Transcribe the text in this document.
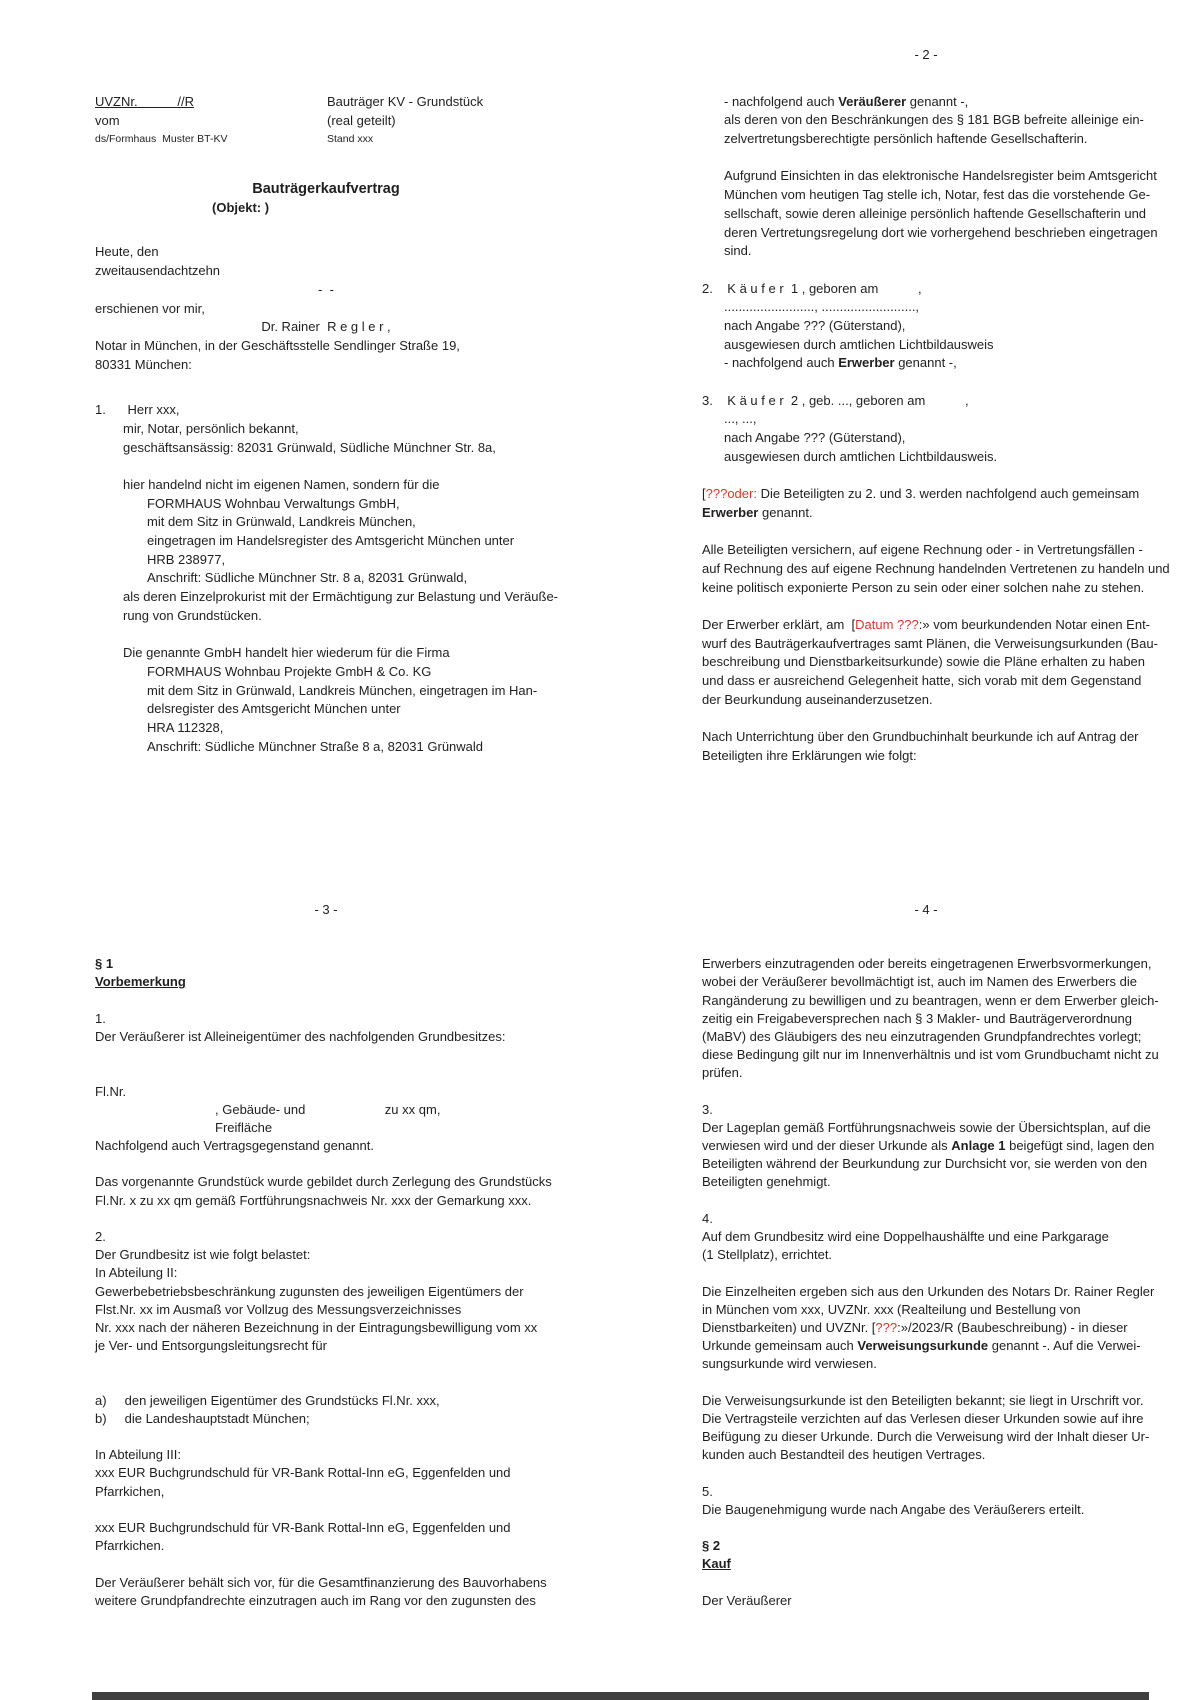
UVZNr.           //R	Bauträger KV - Grundstück
vom	(real geteilt)
ds/Formhaus  Muster BT-KV	Stand xxx
Bauträgerkaufvertrag
(Objekt: )
Heute, den
zweitausendachtzehn
-  -
erschienen vor mir,
Dr. Rainer  R e g l e r ,
Notar in München, in der Geschäftsstelle Sendlinger Straße 19,
80331 München:
1.      Herr xxx,
mir, Notar, persönlich bekannt,
geschäftsansässig: 82031 Grünwald, Südliche Münchner Str. 8a,
hier handelnd nicht im eigenen Namen, sondern für die
FORMHAUS Wohnbau Verwaltungs GmbH,
mit dem Sitz in Grünwald, Landkreis München,
eingetragen im Handelsregister des Amtsgericht München unter
HRB 238977,
Anschrift: Südliche Münchner Str. 8 a, 82031 Grünwald,
als deren Einzelprokurist mit der Ermächtigung zur Belastung und Veräuße-
rung von Grundstücken.
Die genannte GmbH handelt hier wiederum für die Firma
FORMHAUS Wohnbau Projekte GmbH & Co. KG
mit dem Sitz in Grünwald, Landkreis München, eingetragen im Han-
delsregister des Amtsgericht München unter
HRA 112328,
Anschrift: Südliche Münchner Straße 8 a, 82031 Grünwald
- 2 -
- nachfolgend auch Veräußerer genannt -,
als deren von den Beschränkungen des § 181 BGB befreite alleinige ein-
zelvertretungsberechtigte persönlich haftende Gesellschafterin.
Aufgrund Einsichten in das elektronische Handelsregister beim Amtsgericht
München vom heutigen Tag stelle ich, Notar, fest das die vorstehende Ge-
sellschaft, sowie deren alleinige persönlich haftende Gesellschafterin und
deren Vertretungsregelung dort wie vorhergehend beschrieben eingetragen
sind.
2.    K ä u f e r  1 , geboren am           ,
........................., ..........................,
nach Angabe ??? (Güterstand),
ausgewiesen durch amtlichen Lichtbildausweis
- nachfolgend auch Erwerber genannt -,
3.    K ä u f e r  2 , geb. ..., geboren am           ,
..., ...,
nach Angabe ??? (Güterstand),
ausgewiesen durch amtlichen Lichtbildausweis.
[???oder: Die Beteiligten zu 2. und 3. werden nachfolgend auch gemeinsam
Erwerber genannt.
Alle Beteiligten versichern, auf eigene Rechnung oder - in Vertretungsfällen -
auf Rechnung des auf eigene Rechnung handelnden Vertretenen zu handeln und
keine politisch exponierte Person zu sein oder einer solchen nahe zu stehen.
Der Erwerber erklärt, am  [Datum ???:» vom beurkundenden Notar einen Ent-
wurf des Bauträgerkaufvertrages samt Plänen, die Verweisungsurkunden (Bau-
beschreibung und Dienstbarkeitsurkunde) sowie die Pläne erhalten zu haben
und dass er ausreichend Gelegenheit hatte, sich vorab mit dem Gegenstand
der Beurkundung auseinanderzusetzen.
Nach Unterrichtung über den Grundbuchinhalt beurkunde ich auf Antrag der
Beteiligten ihre Erklärungen wie folgt:
- 3 -
§ 1
Vorbemerkung
1.
Der Veräußerer ist Alleineigentümer des nachfolgenden Grundbesitzes:
Fl.Nr.
, Gebäude- und                      zu xx qm,
Freifläche
Nachfolgend auch Vertragsgegenstand genannt.
Das vorgenannte Grundstück wurde gebildet durch Zerlegung des Grundstücks
Fl.Nr. x zu xx qm gemäß Fortführungsnachweis Nr. xxx der Gemarkung xxx.
2.
Der Grundbesitz ist wie folgt belastet:
In Abteilung II:
Gewerbebetriebsbeschränkung zugunsten des jeweiligen Eigentümers der
Flst.Nr. xx im Ausmaß vor Vollzug des Messungsverzeichnisses
Nr. xxx nach der näheren Bezeichnung in der Eintragungsbewilligung vom xx
je Ver- und Entsorgungsleitungsrecht für
a)     den jeweiligen Eigentümer des Grundstücks Fl.Nr. xxx,
b)     die Landeshauptstadt München;
In Abteilung III:
xxx EUR Buchgrundschuld für VR-Bank Rottal-Inn eG, Eggenfelden und
Pfarrkichen,
xxx EUR Buchgrundschuld für VR-Bank Rottal-Inn eG, Eggenfelden und
Pfarrkichen.
Der Veräußerer behält sich vor, für die Gesamtfinanzierung des Bauvorhabens
weitere Grundpfandrechte einzutragen auch im Rang vor den zugunsten des
- 4 -
Erwerbers einzutragenden oder bereits eingetragenen Erwerbsvormerkungen,
wobei der Veräußerer bevollmächtigt ist, auch im Namen des Erwerbers die
Rangänderung zu bewilligen und zu beantragen, wenn er dem Erwerber gleich-
zeitig ein Freigabeversprechen nach § 3 Makler- und Bauträgerverordnung
(MaBV) des Gläubigers des neu einzutragenden Grundpfandrechtes vorlegt;
diese Bedingung gilt nur im Innenverhältnis und ist vom Grundbuchamt nicht zu
prüfen.
3.
Der Lageplan gemäß Fortführungsnachweis sowie der Übersichtsplan, auf die
verwiesen wird und der dieser Urkunde als Anlage 1 beigefügt sind, lagen den
Beteiligten während der Beurkundung zur Durchsicht vor, sie werden von den
Beteiligten genehmigt.
4.
Auf dem Grundbesitz wird eine Doppelhaushälfte und eine Parkgarage
(1 Stellplatz), errichtet.
Die Einzelheiten ergeben sich aus den Urkunden des Notars Dr. Rainer Regler
in München vom xxx, UVZNr. xxx (Realteilung und Bestellung von
Dienstbarkeiten) und UVZNr. [???:»/2023/R (Baubeschreibung) - in dieser
Urkunde gemeinsam auch Verweisungsurkunde genannt -. Auf die Verwei-
sungsurkunde wird verwiesen.
Die Verweisungsurkunde ist den Beteiligten bekannt; sie liegt in Urschrift vor.
Die Vertragsteile verzichten auf das Verlesen dieser Urkunden sowie auf ihre
Beifügung zu dieser Urkunde. Durch die Verweisung wird der Inhalt dieser Ur-
kunden auch Bestandteil des heutigen Vertrages.
5.
Die Baugenehmigung wurde nach Angabe des Veräußerers erteilt.
§ 2
Kauf
Der Veräußerer
